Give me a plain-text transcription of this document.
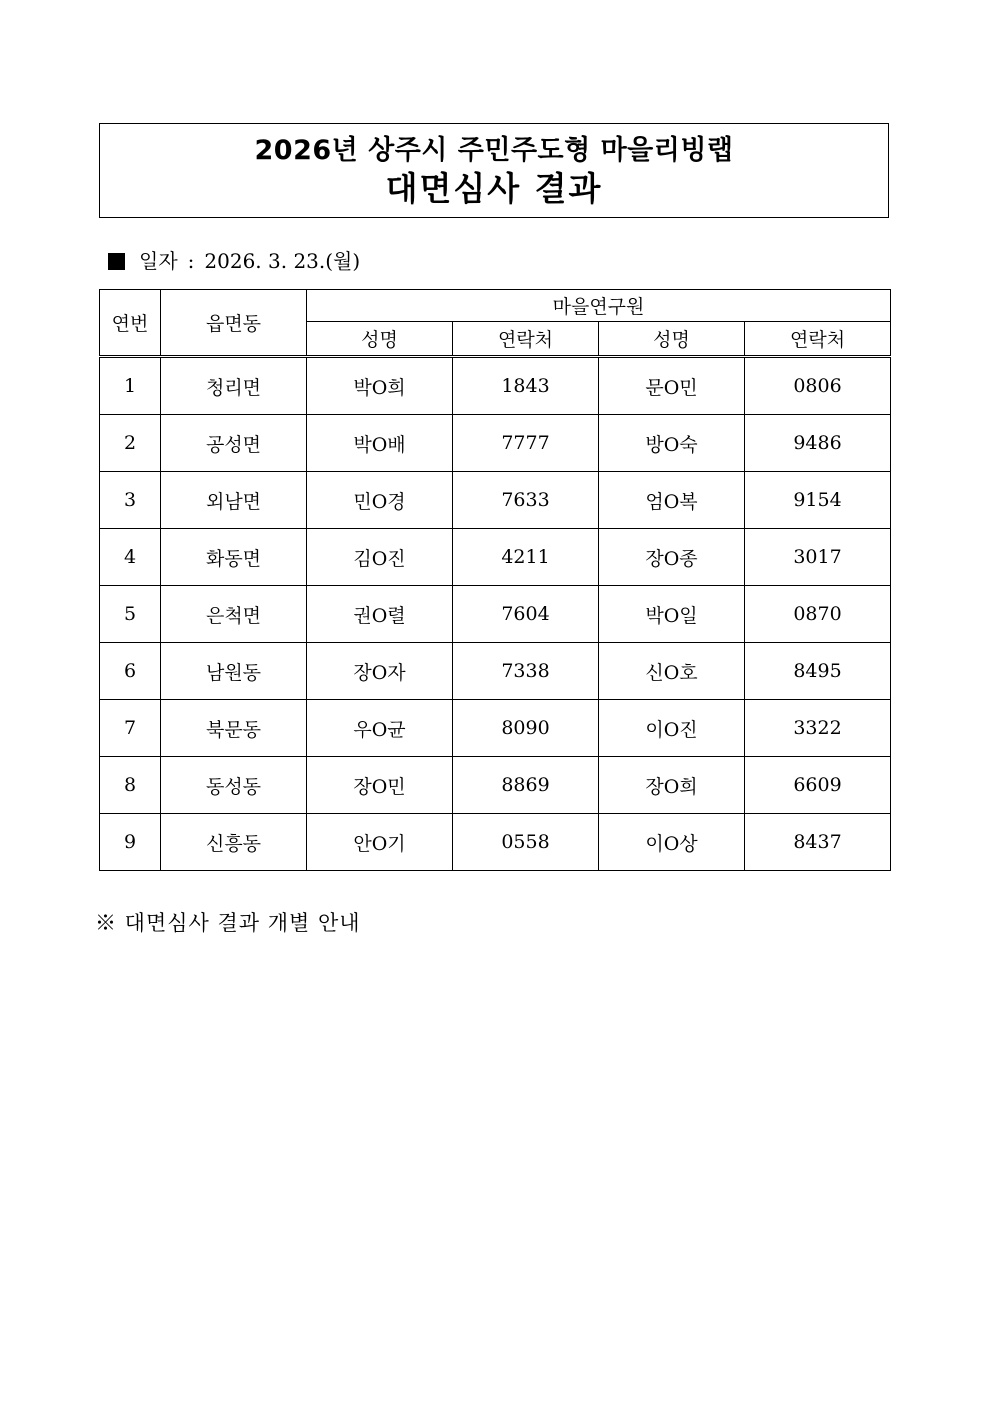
2026년 상주시 주민주도형 마을리빙랩
대면심사 결과
일자 : 2026. 3. 23.(월)
연번	읍면동	마을연구원			
		성명	연락처	성명	연락처
1	청리면	박O희	1843	문O민	0806
2	공성면	박O배	7777	방O숙	9486
3	외남면	민O경	7633	엄O복	9154
4	화동면	김O진	4211	장O종	3017
5	은척면	권O렬	7604	박O일	0870
6	남원동	장O자	7338	신O호	8495
7	북문동	우O균	8090	이O진	3322
8	동성동	장O민	8869	장O희	6609
9	신흥동	안O기	0558	이O상	8437
※ 대면심사 결과 개별 안내
